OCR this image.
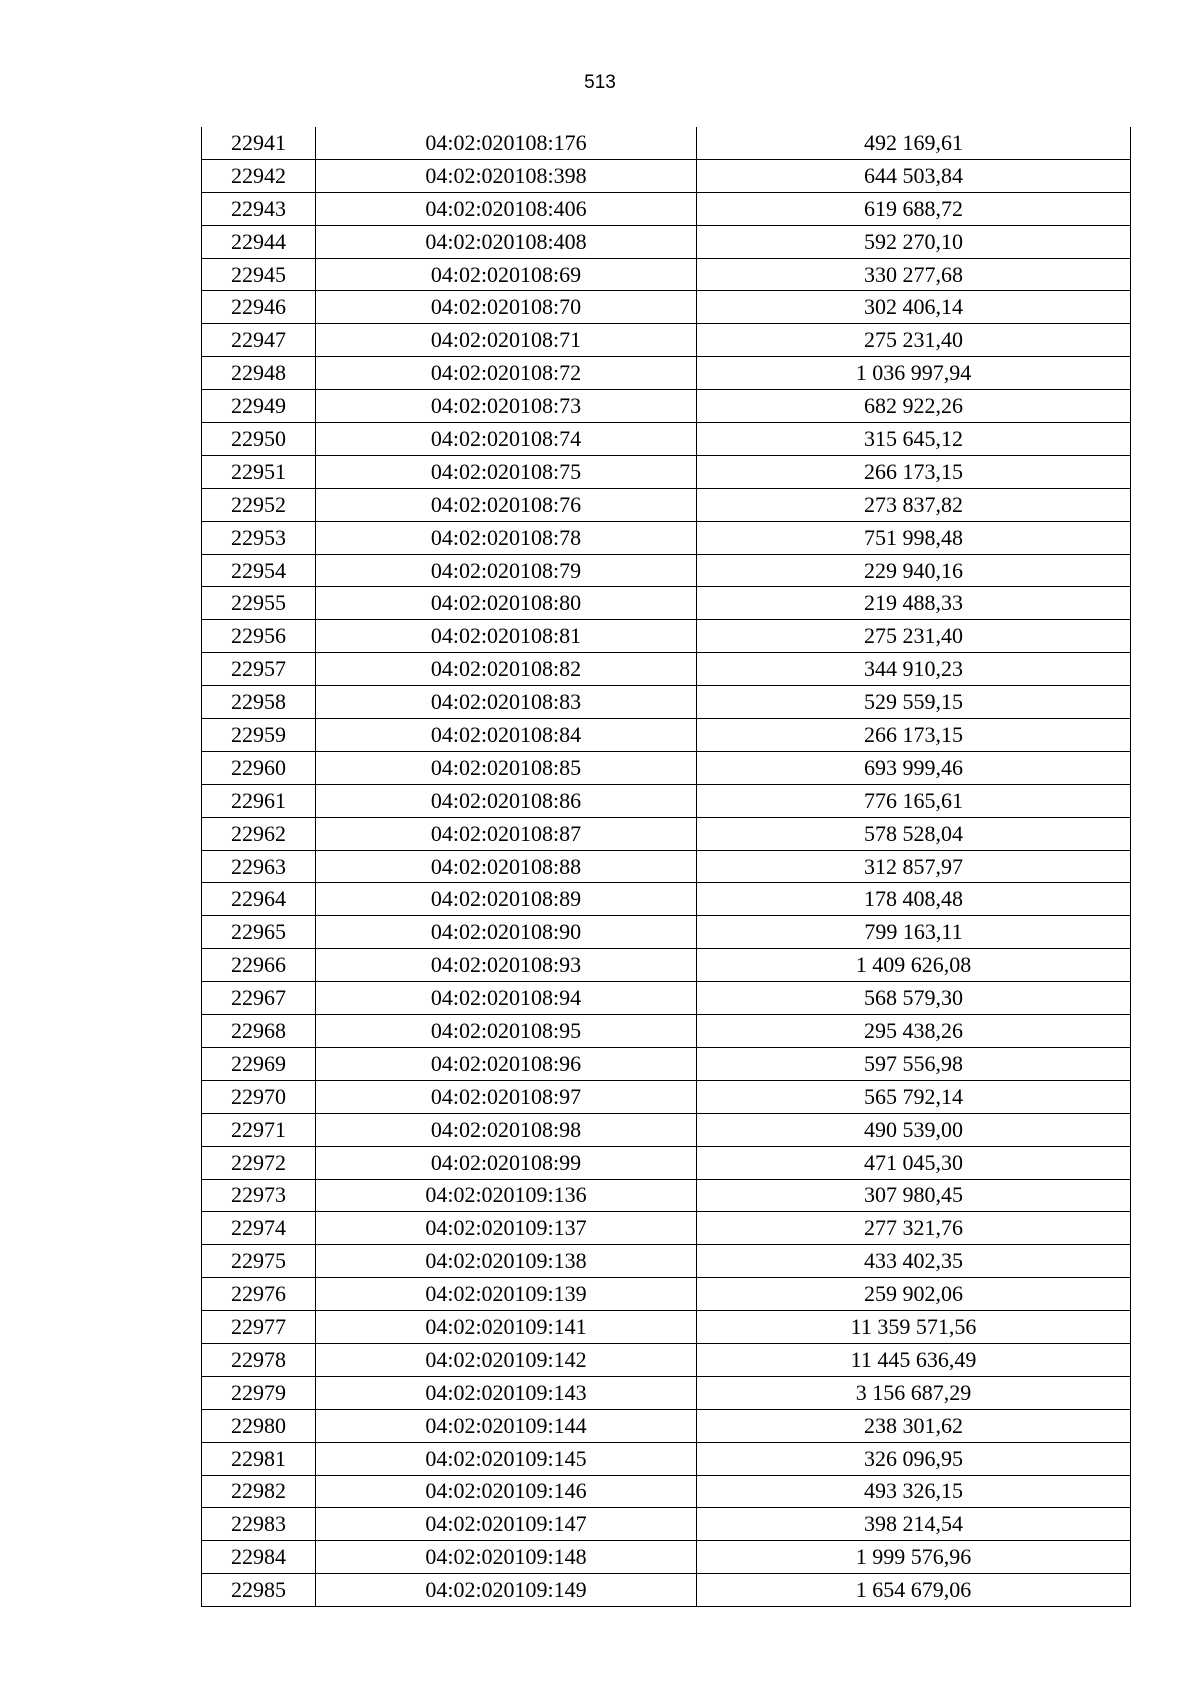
513
22941	04:02:020108:176	492 169,61
22942	04:02:020108:398	644 503,84
22943	04:02:020108:406	619 688,72
22944	04:02:020108:408	592 270,10
22945	04:02:020108:69	330 277,68
22946	04:02:020108:70	302 406,14
22947	04:02:020108:71	275 231,40
22948	04:02:020108:72	1 036 997,94
22949	04:02:020108:73	682 922,26
22950	04:02:020108:74	315 645,12
22951	04:02:020108:75	266 173,15
22952	04:02:020108:76	273 837,82
22953	04:02:020108:78	751 998,48
22954	04:02:020108:79	229 940,16
22955	04:02:020108:80	219 488,33
22956	04:02:020108:81	275 231,40
22957	04:02:020108:82	344 910,23
22958	04:02:020108:83	529 559,15
22959	04:02:020108:84	266 173,15
22960	04:02:020108:85	693 999,46
22961	04:02:020108:86	776 165,61
22962	04:02:020108:87	578 528,04
22963	04:02:020108:88	312 857,97
22964	04:02:020108:89	178 408,48
22965	04:02:020108:90	799 163,11
22966	04:02:020108:93	1 409 626,08
22967	04:02:020108:94	568 579,30
22968	04:02:020108:95	295 438,26
22969	04:02:020108:96	597 556,98
22970	04:02:020108:97	565 792,14
22971	04:02:020108:98	490 539,00
22972	04:02:020108:99	471 045,30
22973	04:02:020109:136	307 980,45
22974	04:02:020109:137	277 321,76
22975	04:02:020109:138	433 402,35
22976	04:02:020109:139	259 902,06
22977	04:02:020109:141	11 359 571,56
22978	04:02:020109:142	11 445 636,49
22979	04:02:020109:143	3 156 687,29
22980	04:02:020109:144	238 301,62
22981	04:02:020109:145	326 096,95
22982	04:02:020109:146	493 326,15
22983	04:02:020109:147	398 214,54
22984	04:02:020109:148	1 999 576,96
22985	04:02:020109:149	1 654 679,06
